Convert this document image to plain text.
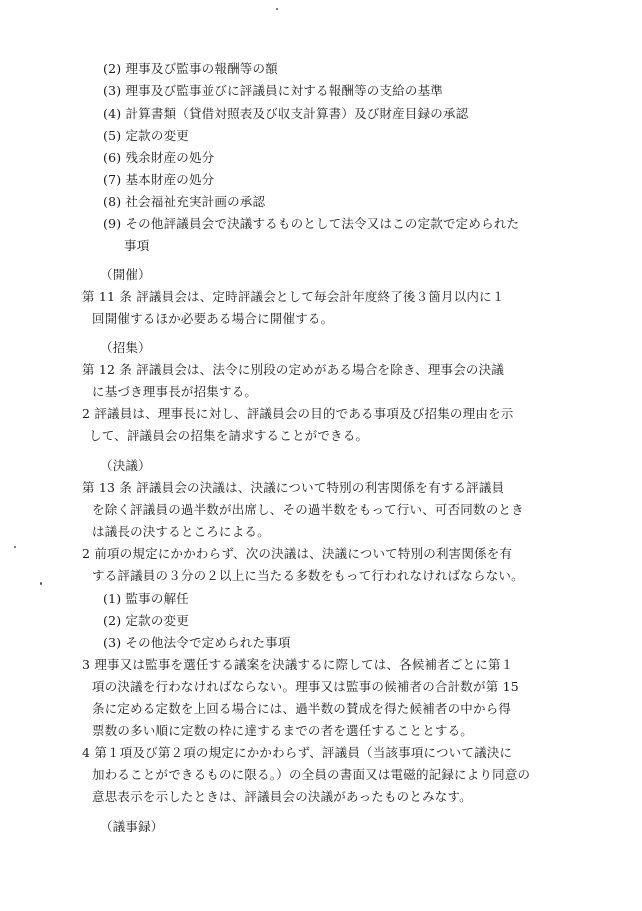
(2) 理事及び監事の報酬等の額
(3) 理事及び監事並びに評議員に対する報酬等の支給の基準
(4) 計算書類（貸借対照表及び収支計算書）及び財産目録の承認
(5) 定款の変更
(6) 残余財産の処分
(7) 基本財産の処分
(8) 社会福祉充実計画の承認
(9) その他評議員会で決議するものとして法令又はこの定款で定められた
事項
（開催）
第 11 条 評議員会は、定時評議会として毎会計年度終了後３箇月以内に１
回開催するほか必要ある場合に開催する。
（招集）
第 12 条 評議員会は、法令に別段の定めがある場合を除き、理事会の決議
に基づき理事長が招集する。
2 評議員は、理事長に対し、評議員会の目的である事項及び招集の理由を示
して、評議員会の招集を請求することができる。
（決議）
第 13 条 評議員会の決議は、決議について特別の利害関係を有する評議員
を除く評議員の過半数が出席し、その過半数をもって行い、可否同数のとき
は議長の決するところによる。
2 前項の規定にかかわらず、次の決議は、決議について特別の利害関係を有
する評議員の３分の２以上に当たる多数をもって行われなければならない。
(1) 監事の解任
(2) 定款の変更
(3) その他法令で定められた事項
3 理事又は監事を選任する議案を決議するに際しては、各候補者ごとに第１
項の決議を行わなければならない。理事又は監事の候補者の合計数が第 15
条に定める定数を上回る場合には、過半数の賛成を得た候補者の中から得
票数の多い順に定数の枠に達するまでの者を選任することとする。
4 第１項及び第２項の規定にかかわらず、評議員（当該事項について議決に
加わることができるものに限る。）の全員の書面又は電磁的記録により同意の
意思表示を示したときは、評議員会の決議があったものとみなす。
（議事録）
